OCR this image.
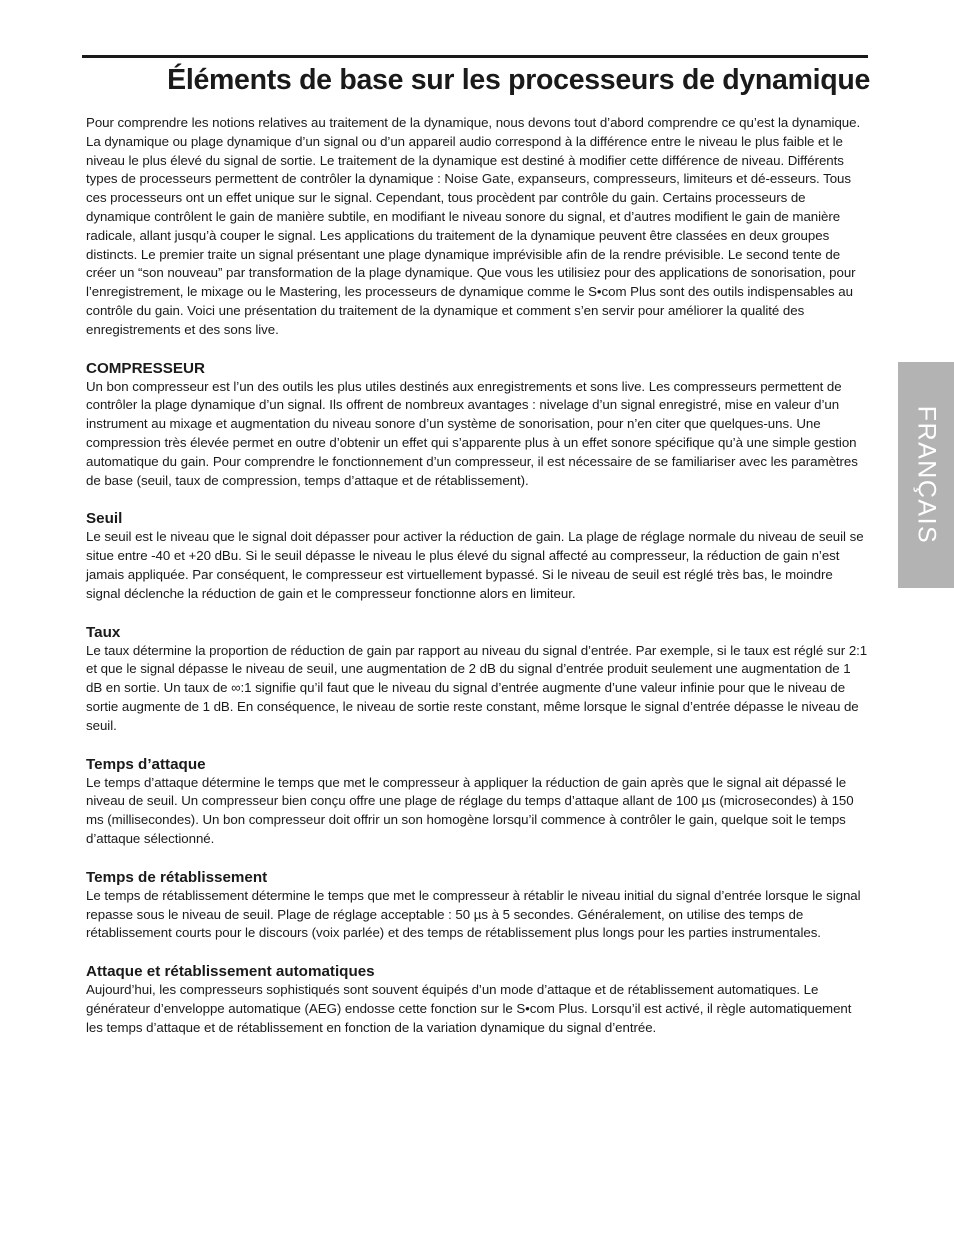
Éléments de base sur les processeurs de dynamique

Pour comprendre les notions relatives au traitement de la dynamique, nous devons tout d’abord comprendre ce qu’est la dynamique. La dynamique ou plage dynamique d’un signal ou d’un appareil audio correspond à la différence entre le niveau le plus faible et le niveau le plus élevé du signal de sortie. Le traitement de la dynamique est destiné à modifier cette différence de niveau. Différents types de processeurs permettent de contrôler la dynamique : Noise Gate, expanseurs, compresseurs, limiteurs et dé-esseurs. Tous ces processeurs ont un effet unique sur le signal. Cependant, tous procèdent par contrôle du gain. Certains processeurs de dynamique contrôlent le gain de manière subtile, en modifiant le niveau sonore du signal, et d’autres modifient le gain de manière radicale, allant jusqu’à couper le signal. Les applications du traitement de la dynamique peuvent être classées en deux groupes distincts. Le premier traite un signal présentant une plage dynamique imprévisible afin de la rendre prévisible. Le second tente de créer un “son nouveau” par transformation de la plage dynamique. Que vous les utilisiez pour des applications de sonorisation, pour l’enregistrement, le mixage ou le Mastering, les processeurs de dynamique comme le S•com Plus sont des outils indispensables au contrôle du gain. Voici une présentation du traitement de la dynamique et comment s’en servir pour améliorer la qualité des enregistrements et des sons live.

COMPRESSEUR

Un bon compresseur est l’un des outils les plus utiles destinés aux enregistrements et sons live. Les compresseurs permettent de contrôler la plage dynamique d’un signal. Ils offrent de nombreux avantages : nivelage d’un signal enregistré, mise en valeur d’un instrument au mixage et augmentation du niveau sonore d’un système de sonorisation, pour n’en citer que quelques-uns. Une compression très élevée permet en outre d’obtenir un effet qui s’apparente plus à un effet sonore spécifique qu’à une simple gestion automatique du gain. Pour comprendre le fonctionnement d’un compresseur, il est nécessaire de se familiariser avec les paramètres de base (seuil, taux de compression, temps d’attaque et de rétablissement).

Seuil

Le seuil est le niveau que le signal doit dépasser pour activer la réduction de gain. La plage de réglage normale du niveau de seuil se situe entre -40 et +20 dBu. Si le seuil dépasse le niveau le plus élevé du signal affecté au compresseur, la réduction de gain n’est jamais appliquée. Par conséquent, le compresseur est virtuellement bypassé. Si le niveau de seuil est réglé très bas, le moindre signal déclenche la réduction de gain et le compresseur fonctionne alors en limiteur.

Taux

Le taux détermine la proportion de réduction de gain par rapport au niveau du signal d’entrée. Par exemple, si le taux est réglé sur 2:1 et que le signal dépasse le niveau de seuil, une augmentation de 2 dB du signal d’entrée produit seulement une augmentation de 1 dB en sortie. Un taux de ∞:1 signifie qu’il faut que le niveau du signal d’entrée augmente d’une valeur infinie pour que le niveau de sortie augmente de 1 dB. En conséquence, le niveau de sortie reste constant, même lorsque le signal d’entrée dépasse le niveau de seuil.

Temps d’attaque

Le temps d’attaque détermine le temps que met le compresseur à appliquer la réduction de gain après que le signal ait dépassé le niveau de seuil. Un compresseur bien conçu offre une plage de réglage du temps d’attaque allant de 100 µs (microsecondes) à 150 ms (millisecondes). Un bon compresseur doit offrir un son homogène lorsqu’il commence à contrôler le gain, quelque soit le temps d’attaque sélectionné.

Temps de rétablissement

Le temps de rétablissement détermine le temps que met le compresseur à rétablir le niveau initial du signal d’entrée lorsque le signal repasse sous le niveau de seuil. Plage de réglage acceptable : 50 µs à 5 secondes. Généralement, on utilise des temps de rétablissement courts pour le discours (voix parlée) et des temps de rétablissement plus longs pour les parties instrumentales.

Attaque et rétablissement automatiques

Aujourd’hui, les compresseurs sophistiqués sont souvent équipés d’un mode d’attaque et de rétablissement automatiques. Le générateur d’enveloppe automatique (AEG) endosse cette fonction sur le S•com Plus. Lorsqu’il est activé, il règle automatiquement les temps d’attaque et de rétablissement en fonction de la variation dynamique du signal d’entrée.

FRANÇAIS
